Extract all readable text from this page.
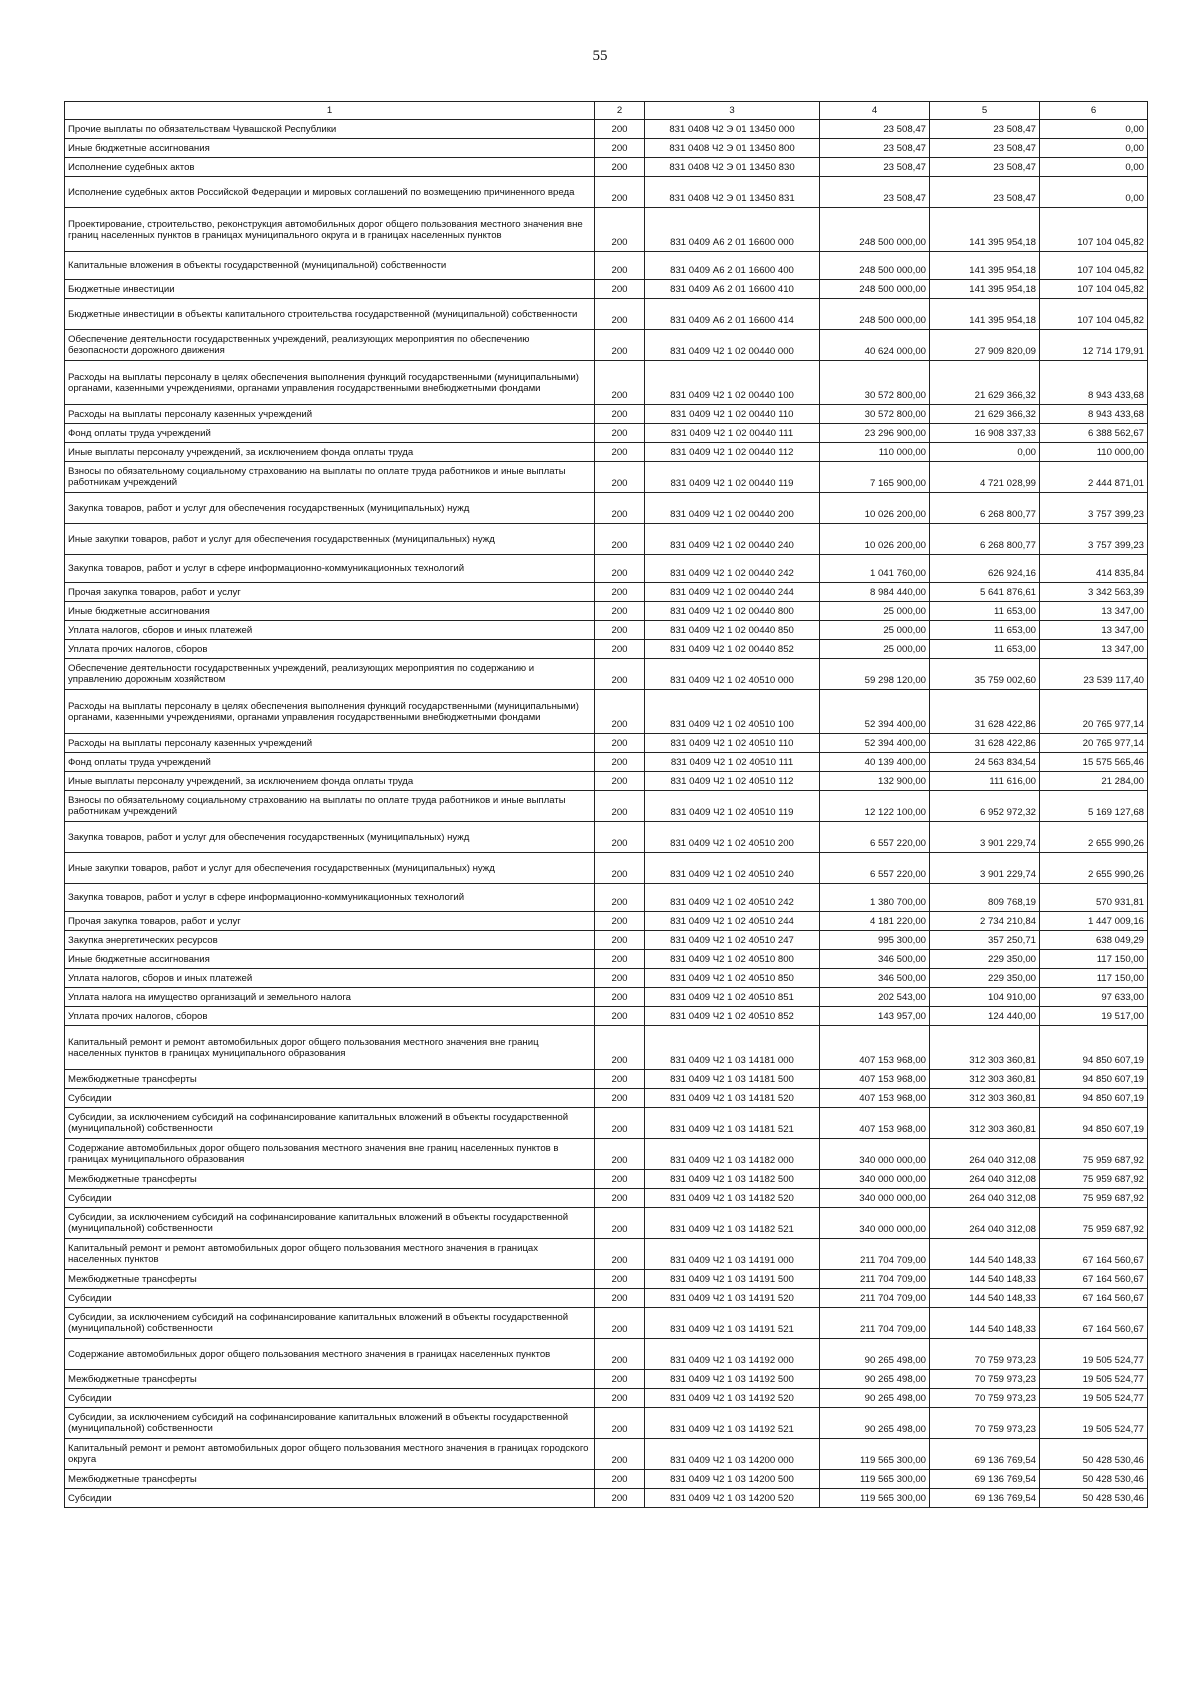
55
1	2	3	4	5	6
Прочие выплаты по обязательствам Чувашской Республики	200	831 0408 Ч2 Э 01 13450 000	23 508,47	23 508,47	0,00
Иные бюджетные ассигнования	200	831 0408 Ч2 Э 01 13450 800	23 508,47	23 508,47	0,00
Исполнение судебных актов	200	831 0408 Ч2 Э 01 13450 830	23 508,47	23 508,47	0,00
Исполнение судебных актов Российской Федерации и мировых соглашений по возмещению причиненного вреда	200	831 0408 Ч2 Э 01 13450 831	23 508,47	23 508,47	0,00
Проектирование, строительство, реконструкция автомобильных дорог общего пользования местного значения вне границ населенных пунктов в границах муниципального округа и в границах населенных пунктов	200	831 0409 А6 2 01 16600 000	248 500 000,00	141 395 954,18	107 104 045,82
Капитальные вложения в объекты государственной (муниципальной) собственности	200	831 0409 А6 2 01 16600 400	248 500 000,00	141 395 954,18	107 104 045,82
Бюджетные инвестиции	200	831 0409 А6 2 01 16600 410	248 500 000,00	141 395 954,18	107 104 045,82
Бюджетные инвестиции в объекты капитального строительства государственной (муниципальной) собственности	200	831 0409 А6 2 01 16600 414	248 500 000,00	141 395 954,18	107 104 045,82
Обеспечение деятельности государственных учреждений, реализующих мероприятия по обеспечению безопасности дорожного движения	200	831 0409 Ч2 1 02 00440 000	40 624 000,00	27 909 820,09	12 714 179,91
Расходы на выплаты персоналу в целях обеспечения выполнения функций государственными (муниципальными) органами, казенными учреждениями, органами управления государственными внебюджетными фондами	200	831 0409 Ч2 1 02 00440 100	30 572 800,00	21 629 366,32	8 943 433,68
Расходы на выплаты персоналу казенных учреждений	200	831 0409 Ч2 1 02 00440 110	30 572 800,00	21 629 366,32	8 943 433,68
Фонд оплаты труда учреждений	200	831 0409 Ч2 1 02 00440 111	23 296 900,00	16 908 337,33	6 388 562,67
Иные выплаты персоналу учреждений, за исключением фонда оплаты труда	200	831 0409 Ч2 1 02 00440 112	110 000,00	0,00	110 000,00
Взносы по обязательному социальному страхованию на выплаты по оплате труда работников и иные выплаты работникам учреждений	200	831 0409 Ч2 1 02 00440 119	7 165 900,00	4 721 028,99	2 444 871,01
Закупка товаров, работ и услуг для обеспечения государственных (муниципальных) нужд	200	831 0409 Ч2 1 02 00440 200	10 026 200,00	6 268 800,77	3 757 399,23
Иные закупки товаров, работ и услуг для обеспечения государственных (муниципальных) нужд	200	831 0409 Ч2 1 02 00440 240	10 026 200,00	6 268 800,77	3 757 399,23
Закупка товаров, работ и услуг в сфере информационно-коммуникационных технологий	200	831 0409 Ч2 1 02 00440 242	1 041 760,00	626 924,16	414 835,84
Прочая закупка товаров, работ и услуг	200	831 0409 Ч2 1 02 00440 244	8 984 440,00	5 641 876,61	3 342 563,39
Иные бюджетные ассигнования	200	831 0409 Ч2 1 02 00440 800	25 000,00	11 653,00	13 347,00
Уплата налогов, сборов и иных платежей	200	831 0409 Ч2 1 02 00440 850	25 000,00	11 653,00	13 347,00
Уплата прочих налогов, сборов	200	831 0409 Ч2 1 02 00440 852	25 000,00	11 653,00	13 347,00
Обеспечение деятельности государственных учреждений, реализующих мероприятия по содержанию и управлению дорожным хозяйством	200	831 0409 Ч2 1 02 40510 000	59 298 120,00	35 759 002,60	23 539 117,40
Расходы на выплаты персоналу в целях обеспечения выполнения функций государственными (муниципальными) органами, казенными учреждениями, органами управления государственными внебюджетными фондами	200	831 0409 Ч2 1 02 40510 100	52 394 400,00	31 628 422,86	20 765 977,14
Расходы на выплаты персоналу казенных учреждений	200	831 0409 Ч2 1 02 40510 110	52 394 400,00	31 628 422,86	20 765 977,14
Фонд оплаты труда учреждений	200	831 0409 Ч2 1 02 40510 111	40 139 400,00	24 563 834,54	15 575 565,46
Иные выплаты персоналу учреждений, за исключением фонда оплаты труда	200	831 0409 Ч2 1 02 40510 112	132 900,00	111 616,00	21 284,00
Взносы по обязательному социальному страхованию на выплаты по оплате труда работников и иные выплаты работникам учреждений	200	831 0409 Ч2 1 02 40510 119	12 122 100,00	6 952 972,32	5 169 127,68
Закупка товаров, работ и услуг для обеспечения государственных (муниципальных) нужд	200	831 0409 Ч2 1 02 40510 200	6 557 220,00	3 901 229,74	2 655 990,26
Иные закупки товаров, работ и услуг для обеспечения государственных (муниципальных) нужд	200	831 0409 Ч2 1 02 40510 240	6 557 220,00	3 901 229,74	2 655 990,26
Закупка товаров, работ и услуг в сфере информационно-коммуникационных технологий	200	831 0409 Ч2 1 02 40510 242	1 380 700,00	809 768,19	570 931,81
Прочая закупка товаров, работ и услуг	200	831 0409 Ч2 1 02 40510 244	4 181 220,00	2 734 210,84	1 447 009,16
Закупка энергетических ресурсов	200	831 0409 Ч2 1 02 40510 247	995 300,00	357 250,71	638 049,29
Иные бюджетные ассигнования	200	831 0409 Ч2 1 02 40510 800	346 500,00	229 350,00	117 150,00
Уплата налогов, сборов и иных платежей	200	831 0409 Ч2 1 02 40510 850	346 500,00	229 350,00	117 150,00
Уплата налога на имущество организаций и земельного налога	200	831 0409 Ч2 1 02 40510 851	202 543,00	104 910,00	97 633,00
Уплата прочих налогов, сборов	200	831 0409 Ч2 1 02 40510 852	143 957,00	124 440,00	19 517,00
Капитальный ремонт и ремонт автомобильных дорог общего пользования местного значения вне границ населенных пунктов в границах муниципального образования	200	831 0409 Ч2 1 03 14181 000	407 153 968,00	312 303 360,81	94 850 607,19
Межбюджетные трансферты	200	831 0409 Ч2 1 03 14181 500	407 153 968,00	312 303 360,81	94 850 607,19
Субсидии	200	831 0409 Ч2 1 03 14181 520	407 153 968,00	312 303 360,81	94 850 607,19
Субсидии, за исключением субсидий на софинансирование капитальных вложений в объекты государственной (муниципальной) собственности	200	831 0409 Ч2 1 03 14181 521	407 153 968,00	312 303 360,81	94 850 607,19
Содержание автомобильных дорог общего пользования местного значения вне границ населенных пунктов в границах муниципального образования	200	831 0409 Ч2 1 03 14182 000	340 000 000,00	264 040 312,08	75 959 687,92
Межбюджетные трансферты	200	831 0409 Ч2 1 03 14182 500	340 000 000,00	264 040 312,08	75 959 687,92
Субсидии	200	831 0409 Ч2 1 03 14182 520	340 000 000,00	264 040 312,08	75 959 687,92
Субсидии, за исключением субсидий на софинансирование капитальных вложений в объекты государственной (муниципальной) собственности	200	831 0409 Ч2 1 03 14182 521	340 000 000,00	264 040 312,08	75 959 687,92
Капитальный ремонт и ремонт автомобильных дорог общего пользования местного значения в границах населенных пунктов	200	831 0409 Ч2 1 03 14191 000	211 704 709,00	144 540 148,33	67 164 560,67
Межбюджетные трансферты	200	831 0409 Ч2 1 03 14191 500	211 704 709,00	144 540 148,33	67 164 560,67
Субсидии	200	831 0409 Ч2 1 03 14191 520	211 704 709,00	144 540 148,33	67 164 560,67
Субсидии, за исключением субсидий на софинансирование капитальных вложений в объекты государственной (муниципальной) собственности	200	831 0409 Ч2 1 03 14191 521	211 704 709,00	144 540 148,33	67 164 560,67
Содержание автомобильных дорог общего пользования местного значения в границах населенных пунктов	200	831 0409 Ч2 1 03 14192 000	90 265 498,00	70 759 973,23	19 505 524,77
Межбюджетные трансферты	200	831 0409 Ч2 1 03 14192 500	90 265 498,00	70 759 973,23	19 505 524,77
Субсидии	200	831 0409 Ч2 1 03 14192 520	90 265 498,00	70 759 973,23	19 505 524,77
Субсидии, за исключением субсидий на софинансирование капитальных вложений в объекты государственной (муниципальной) собственности	200	831 0409 Ч2 1 03 14192 521	90 265 498,00	70 759 973,23	19 505 524,77
Капитальный ремонт и ремонт автомобильных дорог общего пользования местного значения в границах городского округа	200	831 0409 Ч2 1 03 14200 000	119 565 300,00	69 136 769,54	50 428 530,46
Межбюджетные трансферты	200	831 0409 Ч2 1 03 14200 500	119 565 300,00	69 136 769,54	50 428 530,46
Субсидии	200	831 0409 Ч2 1 03 14200 520	119 565 300,00	69 136 769,54	50 428 530,46
